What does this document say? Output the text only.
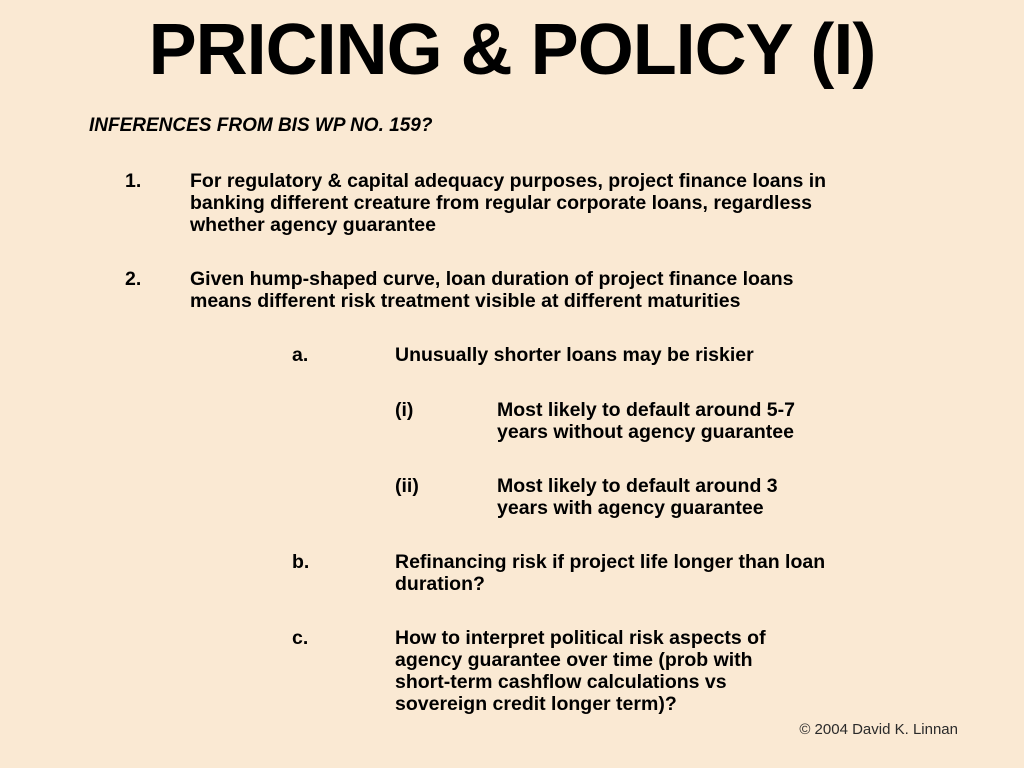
PRICING & POLICY (I)
INFERENCES FROM BIS WP NO. 159?
1. For regulatory & capital adequacy purposes, project finance loans in
banking different creature from regular corporate loans, regardless
whether agency guarantee
2. Given hump-shaped curve, loan duration of project finance loans
means different risk treatment visible at different maturities
a.	Unusually shorter loans may be riskier
(i)	Most likely to default around 5-7
years without agency guarantee
(ii)	Most likely to default around 3
years with agency guarantee
b.	Refinancing risk if project life longer than loan
duration?
c.	How to interpret political risk aspects of
agency guarantee over time (prob with
short-term cashflow calculations vs
sovereign credit longer term)?
© 2004 David K. Linnan
